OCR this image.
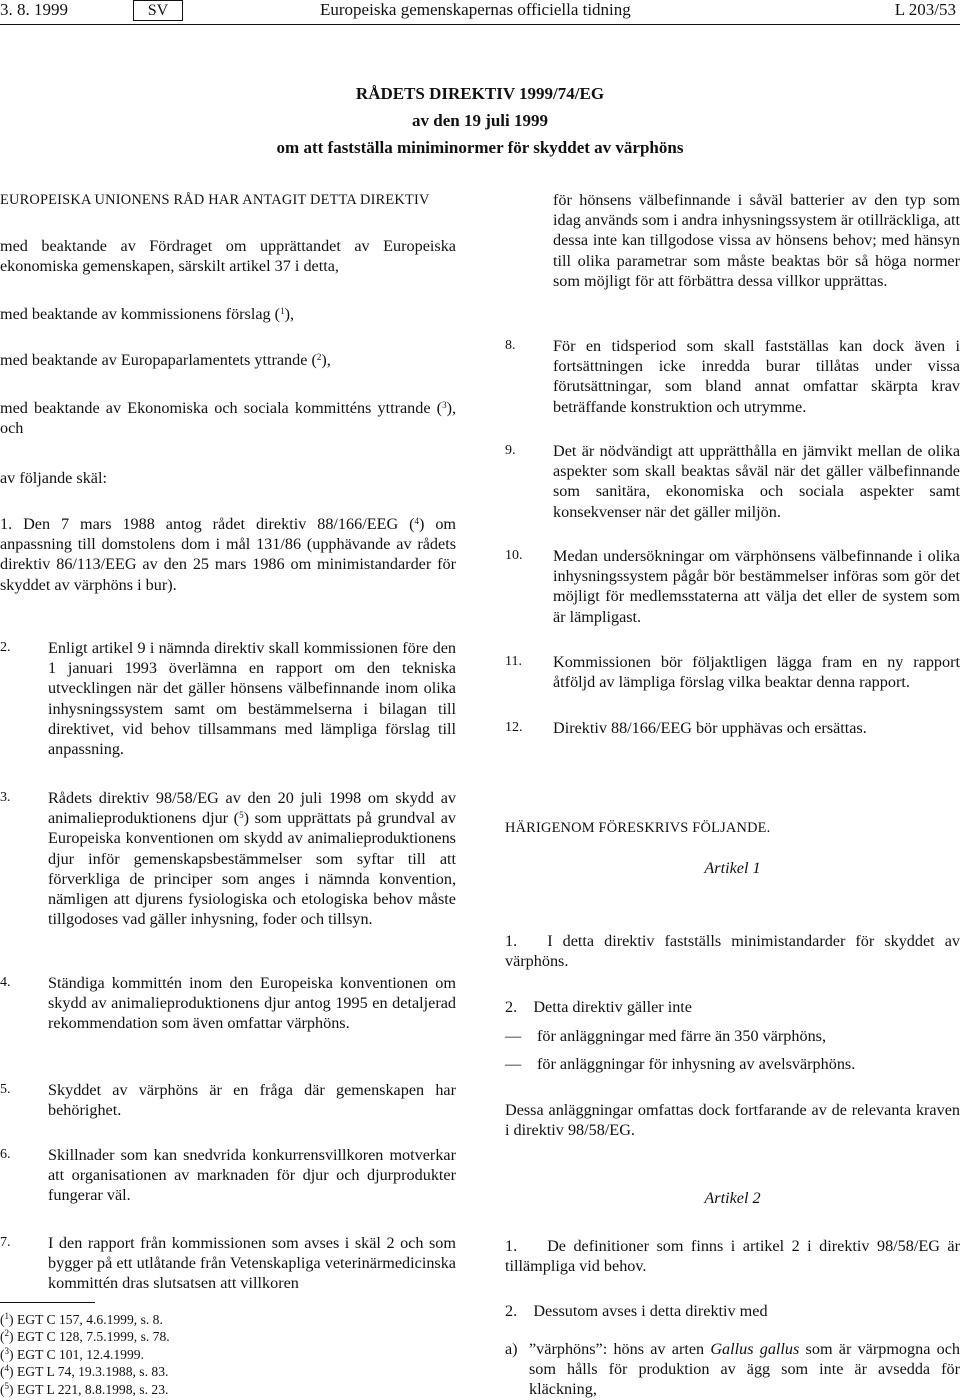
3. 8. 1999	SV	Europeiska gemenskapernas officiella tidning	L 203/53
RÅDETS DIREKTIV 1999/74/EG
av den 19 juli 1999
om att fastställa miniminormer för skyddet av värphöns

EUROPEISKA UNIONENS RÅD HAR ANTAGIT DETTA DIREKTIV

med beaktande av Fördraget om upprättandet av Europeiska ekonomiska gemenskapen, särskilt artikel 37 i detta,

med beaktande av kommissionens förslag ($^1$),

med beaktande av Europaparlamentets yttrande ($^2$),

med beaktande av Ekonomiska och sociala kommitténs yttrande ($^3$), och

av följande skäl:

1. Den 7 mars 1988 antog rådet direktiv 88/166/EEG ($^4$) om anpassning till domstolens dom i mål 131/86 (upphävande av rådets direktiv 86/113/EEG av den 25 mars 1986 om minimistandarder för skyddet av värphöns i bur).

2. Enligt artikel 9 i nämnda direktiv skall kommissionen före den 1 januari 1993 överlämna en rapport om den tekniska utvecklingen när det gäller hönsens välbefinnande inom olika inhysningssystem samt om bestämmelserna i bilagan till direktivet, vid behov tillsammans med lämpliga förslag till anpassning.

3. Rådets direktiv 98/58/EG av den 20 juli 1998 om skydd av animalieproduktionens djur ($^5$) som upprättats på grundval av Europeiska konventionen om skydd av animalieproduktionens djur inför gemenskapsbestämmelser som syftar till att förverkliga de principer som anges i nämnda konvention, nämligen att djurens fysiologiska och etologiska behov måste tillgodoses vad gäller inhysning, foder och tillsyn.

4. Ständiga kommittén inom den Europeiska konventionen om skydd av animalieproduktionens djur antog 1995 en detaljerad rekommendation som även omfattar värphöns.

5. Skyddet av värphöns är en fråga där gemenskapen har behörighet.

6. Skillnader som kan snedvrida konkurrensvillkoren motverkar att organisationen av marknaden för djur och djurprodukter fungerar väl.

7. I den rapport från kommissionen som avses i skäl 2 och som bygger på ett utlåtande från Vetenskapliga veterinärmedicinska kommittén dras slutsatsen att villkoren

för hönsens välbefinnande i såväl batterier av den typ som idag används som i andra inhysningssystem är otillräckliga, att dessa inte kan tillgodose vissa av hönsens behov; med hänsyn till olika parametrar som måste beaktas bör så höga normer som möjligt för att förbättra dessa villkor upprättas.

8. För en tidsperiod som skall fastställas kan dock även i fortsättningen icke inredda burar tillåtas under vissa förutsättningar, som bland annat omfattar skärpta krav beträffande konstruktion och utrymme.

9. Det är nödvändigt att upprätthålla en jämvikt mellan de olika aspekter som skall beaktas såväl när det gäller välbefinnande som sanitära, ekonomiska och sociala aspekter samt konsekvenser när det gäller miljön.

10. Medan undersökningar om värphönsens välbefinnande i olika inhysningssystem pågår bör bestämmelser införas som gör det möjligt för medlemsstaterna att välja det eller de system som är lämpligast.

11. Kommissionen bör följaktligen lägga fram en ny rapport åtföljd av lämpliga förslag vilka beaktar denna rapport.

12. Direktiv 88/166/EEG bör upphävas och ersättas.

HÄRIGENOM FÖRESKRIVS FÖLJANDE.

Artikel 1

1. I detta direktiv fastställs minimistandarder för skyddet av värphöns.

2. Detta direktiv gäller inte

— för anläggningar med färre än 350 värphöns,

— för anläggningar för inhysning av avelsvärphöns.

Dessa anläggningar omfattas dock fortfarande av de relevanta kraven i direktiv 98/58/EG.

Artikel 2

1. De definitioner som finns i artikel 2 i direktiv 98/58/EG är tillämpliga vid behov.

2. Dessutom avses i detta direktiv med

a) ”värphöns”: höns av arten Gallus gallus som är värpmogna och som hålls för produktion av ägg som inte är avsedda för kläckning,

($^1$) EGT C 157, 4.6.1999, s. 8.
($^2$) EGT C 128, 7.5.1999, s. 78.
($^3$) EGT C 101, 12.4.1999.
($^4$) EGT L 74, 19.3.1988, s. 83.
($^5$) EGT L 221, 8.8.1998, s. 23.
